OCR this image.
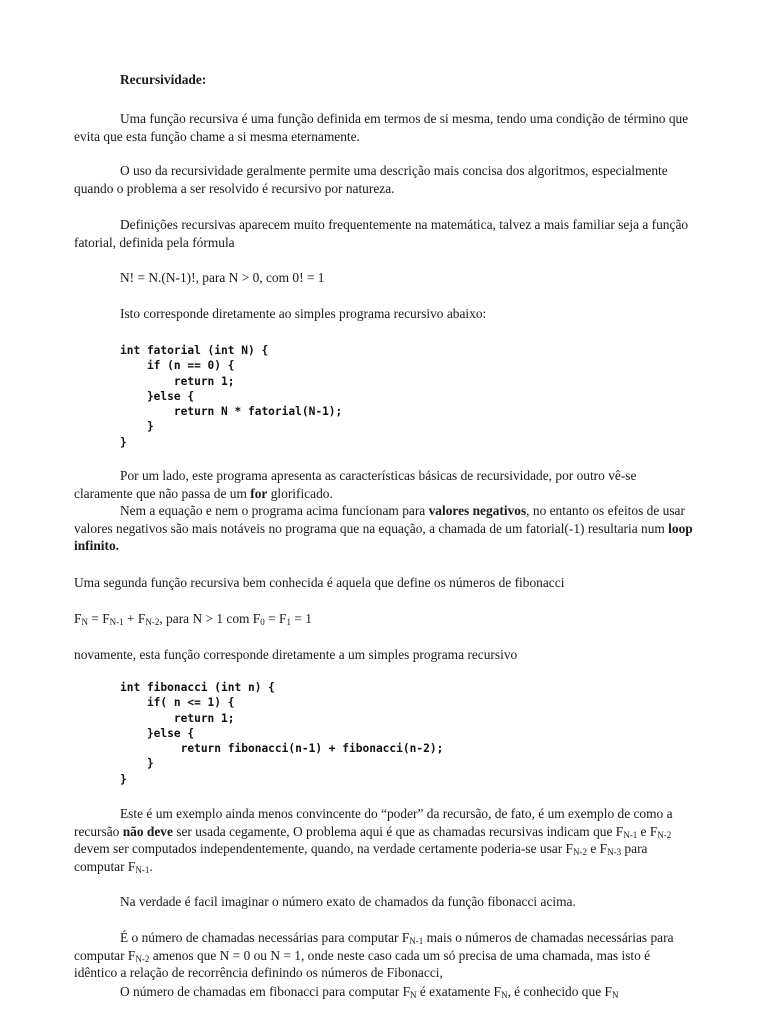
Recursividade:

Uma função recursiva é uma função definida em termos de si mesma, tendo uma condição de término que evita que esta função chame a si mesma eternamente.

O uso da recursividade geralmente permite uma descrição mais concisa dos algoritmos, especialmente quando o problema a ser resolvido é recursivo por natureza.

Definições recursivas aparecem muito frequentemente na matemática, talvez a mais familiar seja a função fatorial, definida pela fórmula

N! = N.(N-1)!, para N > 0, com 0! = 1

Isto corresponde diretamente ao simples programa recursivo abaixo:

int fatorial (int N) {
if (n == 0) {
return 1;
}else {
return N * fatorial(N-1);
}
}

Por um lado, este programa apresenta as características básicas de recursividade, por outro vê-se claramente que não passa de um for glorificado.

Nem a equação e nem o programa acima funcionam para valores negativos, no entanto os efeitos de usar valores negativos são mais notáveis no programa que na equação, a chamada de um fatorial(-1) resultaria num loop infinito.

Uma segunda função recursiva bem conhecida é aquela que define os números de fibonacci

$F_N = F_{N-1} + F_{N-2}$, para N > 1 com $F_0 = F_1 = 1$

novamente, esta função corresponde diretamente a um simples programa recursivo

int fibonacci (int n) {
if( n <= 1) {
return 1;
}else {
return fibonacci(n-1) + fibonacci(n-2);
}
}

Este é um exemplo ainda menos convincente do “poder” da recursão, de fato, é um exemplo de como a recursão não deve ser usada cegamente, O problema aqui é que as chamadas recursivas indicam que $F_{N-1}$ e $F_{N-2}$ devem ser computados independentemente, quando, na verdade certamente poderia-se usar $F_{N-2}$ e $F_{N-3}$ para computar $F_{N-1}$.

Na verdade é facil imaginar o número exato de chamados da função fibonacci acima.

É o número de chamadas necessárias para computar $F_{N-1}$ mais o números de chamadas necessárias para computar $F_{N-2}$ amenos que N = 0 ou N = 1, onde neste caso cada um só precisa de uma chamada, mas isto é idêntico a relação de recorrência definindo os números de Fibonacci,

O número de chamadas em fibonacci para computar $F_N$ é exatamente $F_N$, é conhecido que $F_N$
